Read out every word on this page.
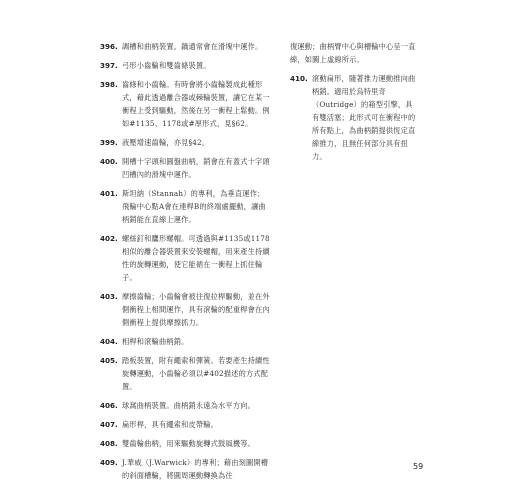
396. 調槽和曲柄裝置。鍋通常會在滑塊中運作。
397. 弓形小齒輪和雙齒條裝置。
398. 齒條和小齒輪。有時會將小齒輪製成此種形式，藉此透過離合器或棘輪裝置，讓它在某一衝程上受到驅動，然後在另一衝程上鬆動。例如#1135、1178或#厚形式，見§62。
399. 液壓增速齒輪，亦見§42。
400. 開槽十字頭和圓盤曲柄，銷會在有蓋式十字頭凹槽內的滑塊中運作。
401. 斯坦納（Stannah）的專利，為垂直運作；飛輪中心點A會在連桿B的終端處擺動，讓曲柄銷能在直線上運作。
402. 螺絲釘和鷹形螺帽。可透過與#1135或1178相似的離合器裝置來安裝螺帽，用來產生持續性的旋轉運動，使它能循在一衝程上抓住輪子。
403. 摩擦齒輪；小齒輪會被往復拉桿驅動，並在外側衝程上相間運作，具有滾輪的配重桿會在內側衝程上提供摩擦抓力。
404. 相桿和滾輪曲柄銷。
405. 踏板裝置，附有繩索和彈簧。若要產生持續性旋轉運動，小齒輪必須以#402描述的方式配置。
406. 球窩曲柄裝置。曲柄銷永遠為水平方向。
407. 扁形桿，具有繩索和皮帶輪。
408. 雙齒輪曲柄，用來驅動旋轉式鼓風機等。
409. J.華威（J.Warwick）的專利；藉由刻圖開槽的斜面槽輪，將圓周運動轉換為往
復運動；曲柄臂中心與槽輪中心呈一直線，如圖上虛線所示。
410. 滾動扁形，隨著推力運動推向曲柄銷。適用於烏特里奇（Outridge）的箱型引擎，具有雙活塞；此形式可在衝程中的所有點上，為曲柄銷提供恆定直線推力，且無任何部分具有扭力。
59
